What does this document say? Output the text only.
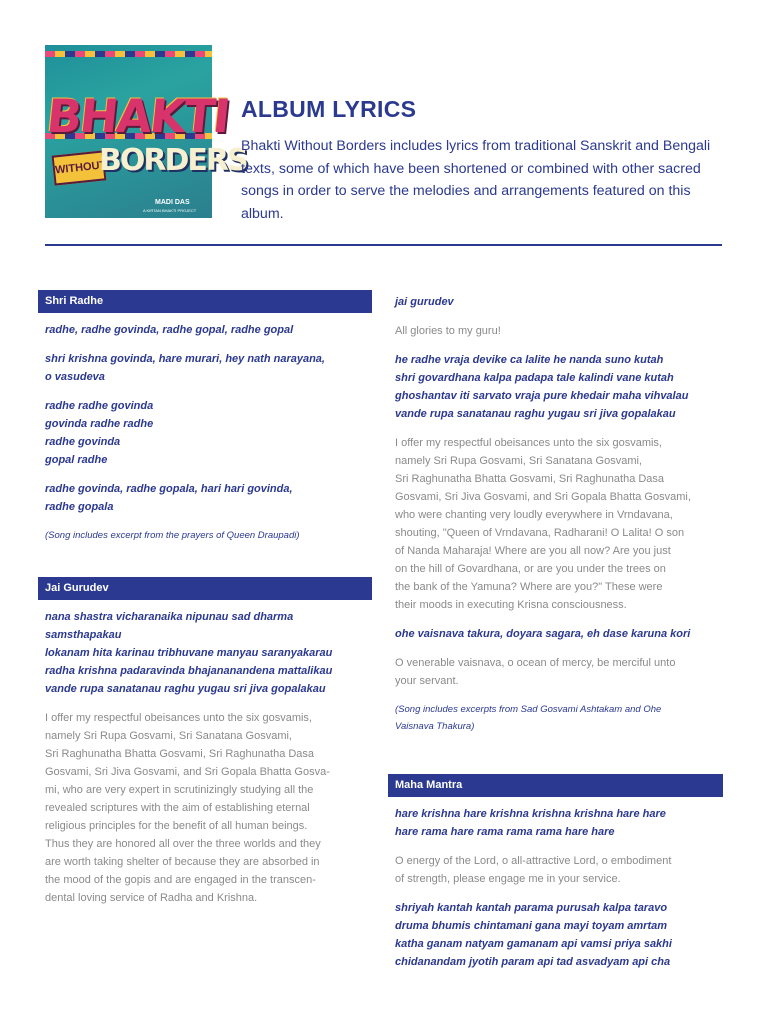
BHAKTI
WITHOUT
BORDERS
MADI DAS
A KIRTAN BHAKTI PROJECT
ALBUM LYRICS
Bhakti Without Borders includes lyrics from traditional Sanskrit and Bengali texts, some of which have been shortened or combined with other sacred songs in order to serve the melodies and arrangements featured on this album.
Shri Radhe
radhe, radhe govinda, radhe gopal, radhe gopal
shri krishna govinda, hare murari, hey nath narayana,
o vasudeva
radhe radhe govinda
govinda radhe radhe
radhe govinda
gopal radhe
radhe govinda, radhe gopala, hari hari govinda,
radhe gopala
(Song includes excerpt from the prayers of Queen Draupadi)
Jai Gurudev
nana shastra vicharanaika nipunau sad dharma
samsthapakau
lokanam hita karinau tribhuvane manyau saranyakarau
radha krishna padaravinda bhajananandena mattalikau
vande rupa sanatanau raghu yugau sri jiva gopalakau
I offer my respectful obeisances unto the six gosvamis,
namely Sri Rupa Gosvami, Sri Sanatana Gosvami,
Sri Raghunatha Bhatta Gosvami, Sri Raghunatha Dasa
Gosvami, Sri Jiva Gosvami, and Sri Gopala Bhatta Gosva-
mi, who are very expert in scrutinizingly studying all the
revealed scriptures with the aim of establishing eternal
religious principles for the benefit of all human beings.
Thus they are honored all over the three worlds and they
are worth taking shelter of because they are absorbed in
the mood of the gopis and are engaged in the transcen-
dental loving service of Radha and Krishna.
jai gurudev
All glories to my guru!
he radhe vraja devike ca lalite he nanda suno kutah
shri govardhana kalpa padapa tale kalindi vane kutah
ghoshantav iti sarvato vraja pure khedair maha vihvalau
vande rupa sanatanau raghu yugau sri jiva gopalakau
I offer my respectful obeisances unto the six gosvamis,
namely Sri Rupa Gosvami, Sri Sanatana Gosvami,
Sri Raghunatha Bhatta Gosvami, Sri Raghunatha Dasa
Gosvami, Sri Jiva Gosvami, and Sri Gopala Bhatta Gosvami,
who were chanting very loudly everywhere in Vrndavana,
shouting, "Queen of Vrndavana, Radharani! O Lalita! O son
of Nanda Maharaja! Where are you all now? Are you just
on the hill of Govardhana, or are you under the trees on
the bank of the Yamuna? Where are you?" These were
their moods in executing Krisna consciousness.
ohe vaisnava takura, doyara sagara, eh dase karuna kori
O venerable vaisnava, o ocean of mercy, be merciful unto
your servant.
(Song includes excerpts from Sad Gosvami Ashtakam and Ohe
Vaisnava Thakura)
Maha Mantra
hare krishna hare krishna krishna krishna hare hare
hare rama hare rama rama rama hare hare
O energy of the Lord, o all-attractive Lord, o embodiment
of strength, please engage me in your service.
shriyah kantah kantah parama purusah kalpa taravo
druma bhumis chintamani gana mayi toyam amrtam
katha ganam natyam gamanam api vamsi priya sakhi
chidanandam jyotih param api tad asvadyam api cha
